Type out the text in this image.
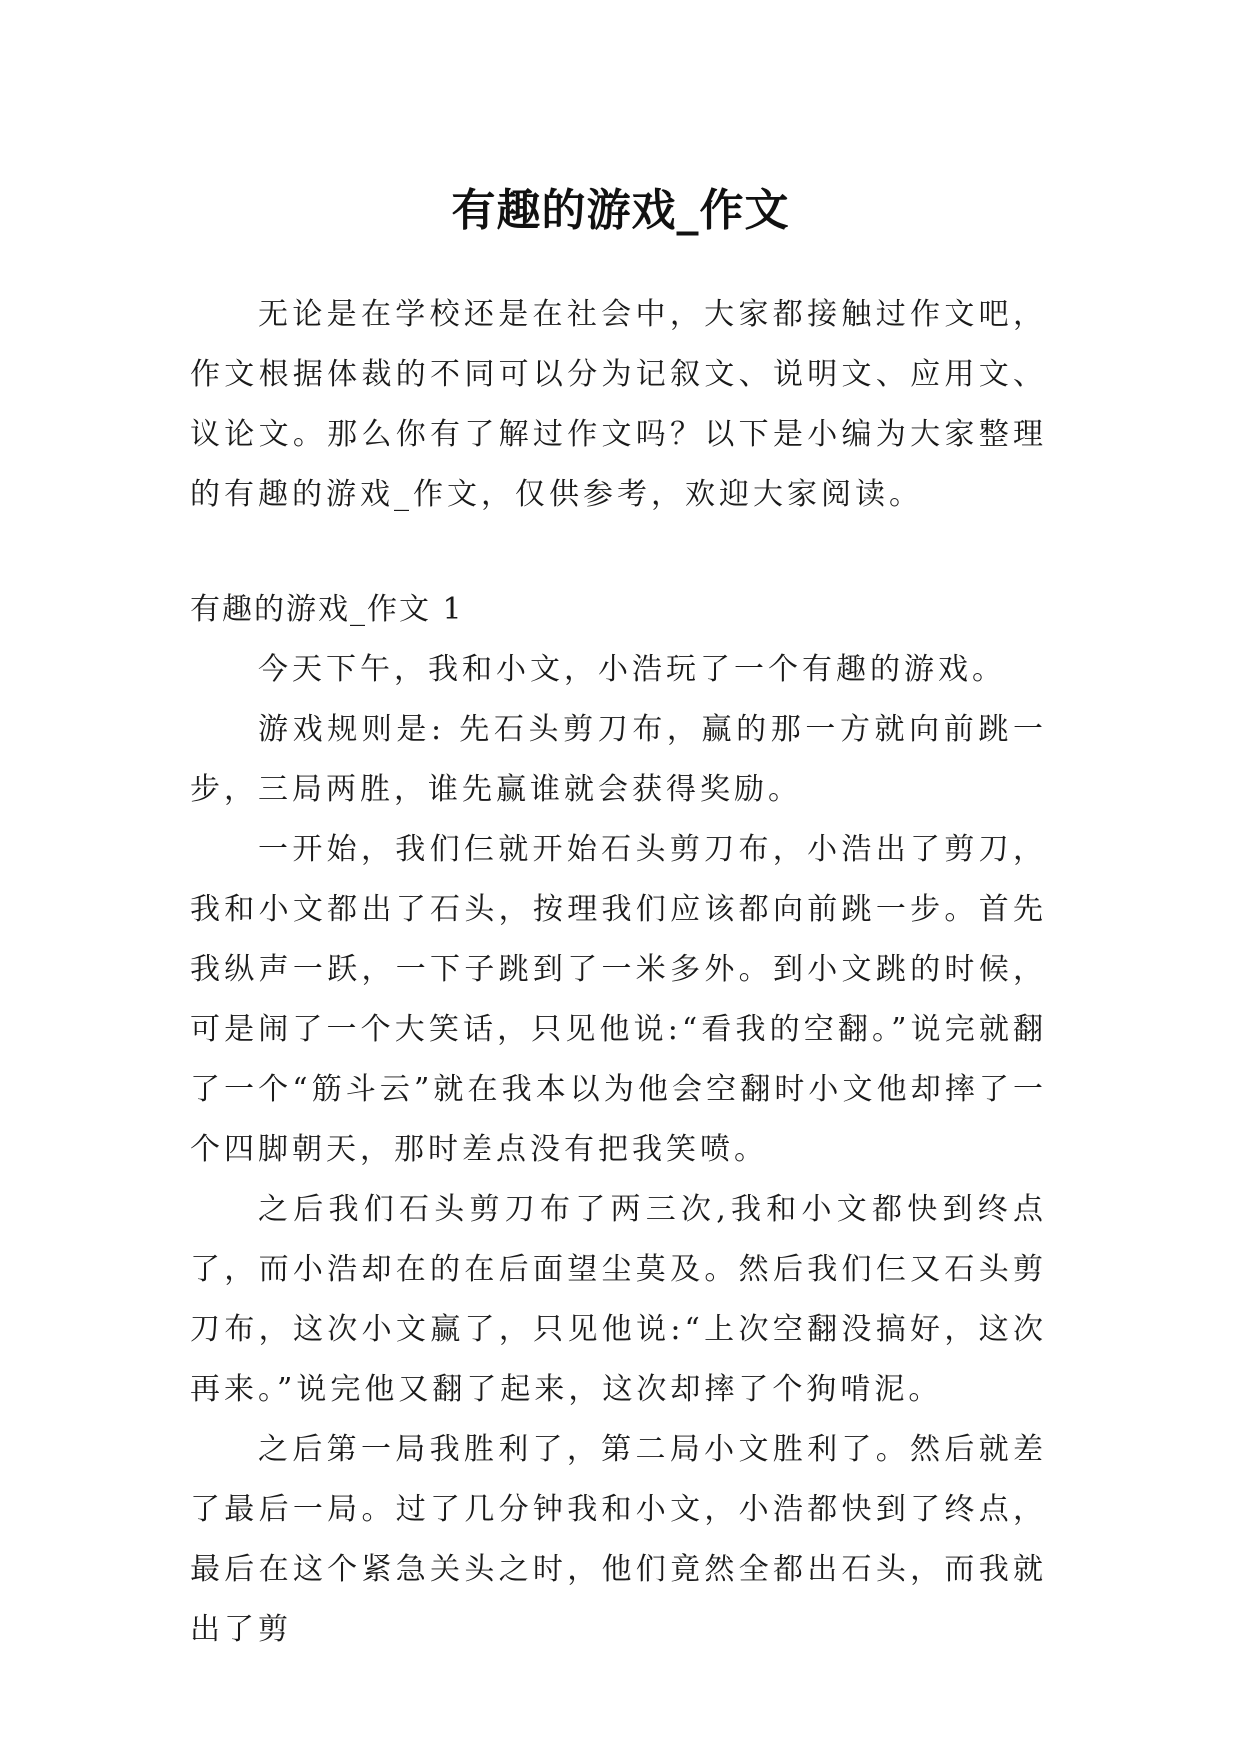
有趣的游戏_作文

无论是在学校还是在社会中，大家都接触过作文吧，作文根据体裁的不同可以分为记叙文、说明文、应用文、议论文。那么你有了解过作文吗？以下是小编为大家整理的有趣的游戏_作文，仅供参考，欢迎大家阅读。

有趣的游戏_作文 1

今天下午，我和小文，小浩玩了一个有趣的游戏。

游戏规则是: 先石头剪刀布，赢的那一方就向前跳一步，三局两胜，谁先赢谁就会获得奖励。

一开始，我们仨就开始石头剪刀布，小浩出了剪刀，我和小文都出了石头，按理我们应该都向前跳一步。首先我纵声一跃，一下子跳到了一米多外。到小文跳的时候，可是闹了一个大笑话，只见他说:“看我的空翻。”说完就翻了一个“筋斗云”就在我本以为他会空翻时小文他却摔了一个四脚朝天，那时差点没有把我笑喷。

之后我们石头剪刀布了两三次,我和小文都快到终点了，而小浩却在的在后面望尘莫及。然后我们仨又石头剪刀布，这次小文赢了，只见他说:“上次空翻没搞好，这次再来。”说完他又翻了起来，这次却摔了个狗啃泥。

之后第一局我胜利了，第二局小文胜利了。然后就差了最后一局。过了几分钟我和小文，小浩都快到了终点，最后在这个紧急关头之时，他们竟然全都出石头，而我就出了剪
